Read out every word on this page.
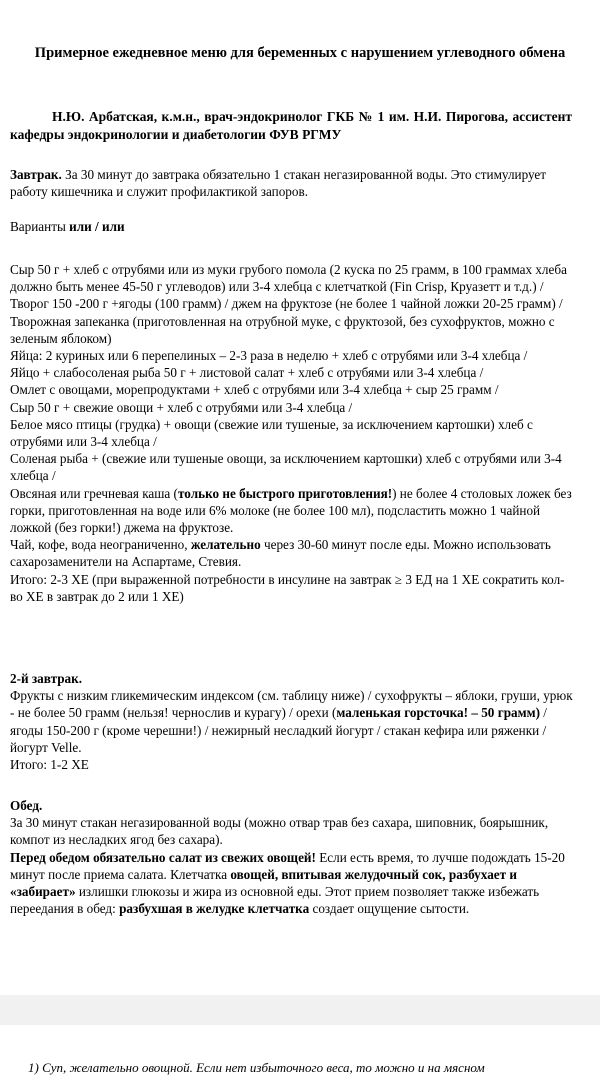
Примерное ежедневное меню для беременных с нарушением углеводного обмена
Н.Ю. Арбатская, к.м.н., врач-эндокринолог ГКБ № 1 им. Н.И. Пирогова, ассистент кафедры эндокринологии и диабетологии ФУВ РГМУ

Завтрак. За 30 минут до завтрака обязательно 1 стакан негазированной воды. Это стимулирует работу кишечника и служит профилактикой запоров.

Варианты или / или

Сыр 50 г + хлеб с отрубями или из муки грубого помола (2 куска по 25 грамм, в 100 граммах хлеба должно быть менее 45-50 г углеводов) или 3-4 хлебца с клетчаткой (Fin Crisp, Круазетт и т.д.) /

Творог 150 -200 г +ягоды (100 грамм) / джем на фруктозе (не более 1 чайной ложки 20-25 грамм) /

Творожная запеканка (приготовленная на отрубной муке, с фруктозой, без сухофруктов, можно с зеленым яблоком)

Яйца: 2 куриных или 6 перепелиных – 2-3 раза в неделю + хлеб с отрубями или 3-4 хлебца /

Яйцо + слабосоленая рыба 50 г + листовой салат + хлеб с отрубями или 3-4 хлебца /

Омлет с овощами, морепродуктами + хлеб с отрубями или 3-4 хлебца + сыр 25 грамм /

Сыр 50 г + свежие овощи + хлеб с отрубями или 3-4 хлебца /

Белое мясо птицы (грудка) + овощи (свежие или тушеные, за исключением картошки) хлеб с отрубями или 3-4 хлебца /

Соленая рыба + (свежие или тушеные овощи, за исключением картошки) хлеб с отрубями или 3-4 хлебца /

Овсяная или гречневая каша (только не быстрого приготовления!) не более 4 столовых ложек без горки, приготовленная на воде или 6% молоке (не более 100 мл), подсластить можно 1 чайной ложкой (без горки!) джема на фруктозе.

Чай, кофе, вода неограниченно, желательно через 30-60 минут после еды. Можно использовать сахарозаменители на Аспартаме, Стевия.

Итого: 2-3 ХЕ (при выраженной потребности в инсулине на завтрак ≥ 3 ЕД на 1 ХЕ сократить кол-во ХЕ в завтрак до 2 или 1 ХЕ)

2-й завтрак.

Фрукты с низким гликемическим индексом (см. таблицу ниже) / сухофрукты – яблоки, груши, урюк - не более 50 грамм (нельзя! чернослив и курагу) / орехи (маленькая горсточка! – 50 грамм) / ягоды 150-200 г (кроме черешни!) / нежирный несладкий йогурт / стакан кефира или ряженки / йогурт Velle.

Итого: 1-2 ХЕ

Обед.

За 30 минут стакан негазированной воды (можно отвар трав без сахара, шиповник, боярышник, компот из несладких ягод без сахара).

Перед обедом обязательно салат из свежих овощей! Если есть время, то лучше подождать 15-20 минут после приема салата. Клетчатка овощей, впитывая желудочный сок, разбухает и «забирает» излишки глюкозы и жира из основной еды. Этот прием позволяет также избежать переедания в обед: разбухшая в желудке клетчатка создает ощущение сытости.

1) Суп, желательно овощной. Если нет избыточного веса, то можно и на мясном
